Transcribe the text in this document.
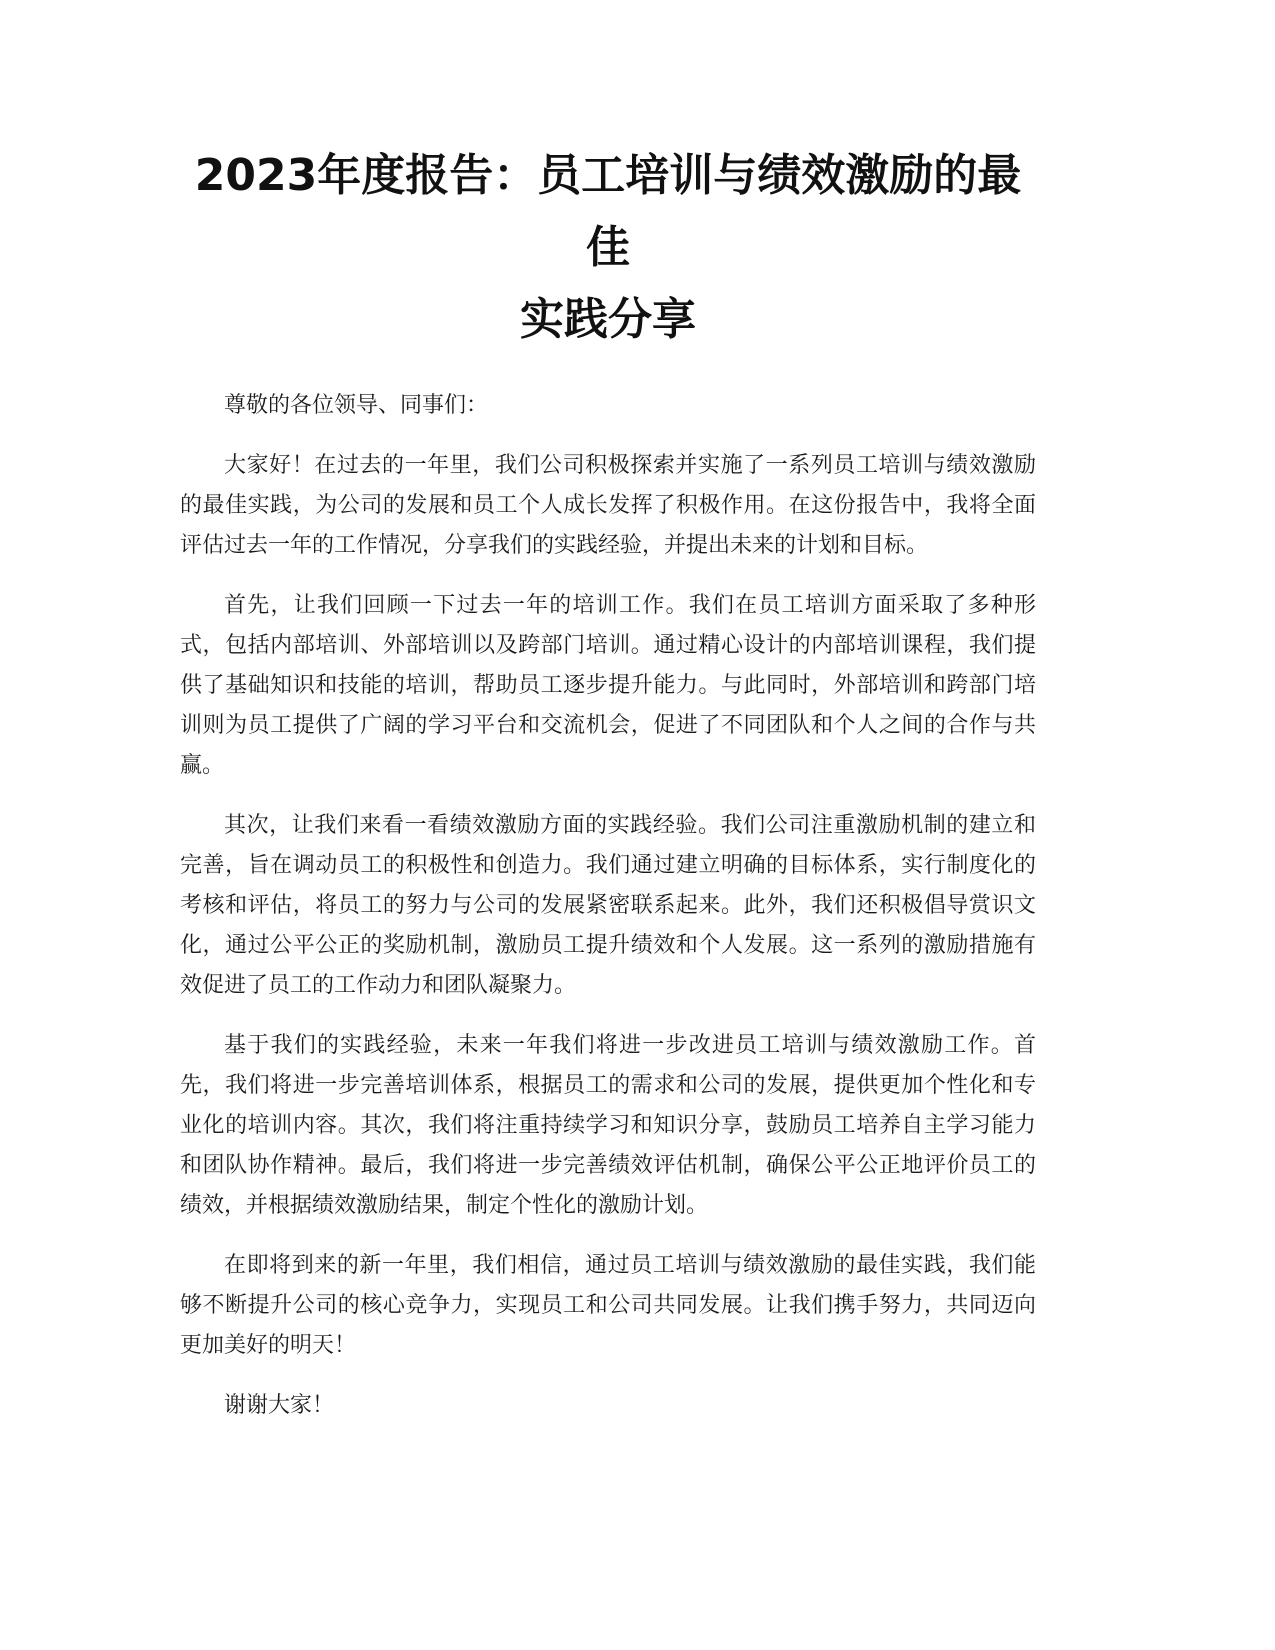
2023年度报告：员工培训与绩效激励的最佳
实践分享

尊敬的各位领导、同事们：

大家好！在过去的一年里，我们公司积极探索并实施了一系列员工培训与绩效激励的最佳实践，为公司的发展和员工个人成长发挥了积极作用。在这份报告中，我将全面评估过去一年的工作情况，分享我们的实践经验，并提出未来的计划和目标。

首先，让我们回顾一下过去一年的培训工作。我们在员工培训方面采取了多种形式，包括内部培训、外部培训以及跨部门培训。通过精心设计的内部培训课程，我们提供了基础知识和技能的培训，帮助员工逐步提升能力。与此同时，外部培训和跨部门培训则为员工提供了广阔的学习平台和交流机会，促进了不同团队和个人之间的合作与共赢。

其次，让我们来看一看绩效激励方面的实践经验。我们公司注重激励机制的建立和完善，旨在调动员工的积极性和创造力。我们通过建立明确的目标体系，实行制度化的考核和评估，将员工的努力与公司的发展紧密联系起来。此外，我们还积极倡导赏识文化，通过公平公正的奖励机制，激励员工提升绩效和个人发展。这一系列的激励措施有效促进了员工的工作动力和团队凝聚力。

基于我们的实践经验，未来一年我们将进一步改进员工培训与绩效激励工作。首先，我们将进一步完善培训体系，根据员工的需求和公司的发展，提供更加个性化和专业化的培训内容。其次，我们将注重持续学习和知识分享，鼓励员工培养自主学习能力和团队协作精神。最后，我们将进一步完善绩效评估机制，确保公平公正地评价员工的绩效，并根据绩效激励结果，制定个性化的激励计划。

在即将到来的新一年里，我们相信，通过员工培训与绩效激励的最佳实践，我们能够不断提升公司的核心竞争力，实现员工和公司共同发展。让我们携手努力，共同迈向更加美好的明天！

谢谢大家！
